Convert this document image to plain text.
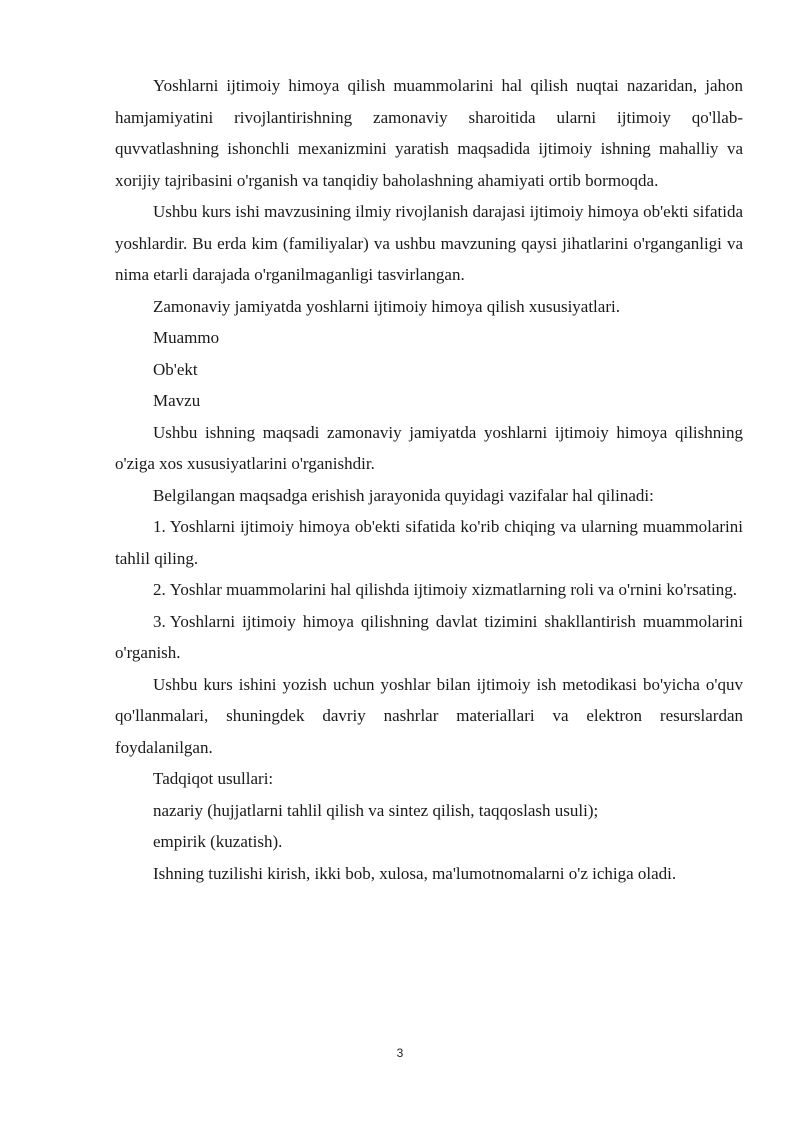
Yoshlarni ijtimoiy himoya qilish muammolarini hal qilish nuqtai nazaridan, jahon hamjamiyatini rivojlantirishning zamonaviy sharoitida ularni ijtimoiy qo'llab-quvvatlashning ishonchli mexanizmini yaratish maqsadida ijtimoiy ishning mahalliy va xorijiy tajribasini o'rganish va tanqidiy baholashning ahamiyati ortib bormoqda.

Ushbu kurs ishi mavzusining ilmiy rivojlanish darajasi ijtimoiy himoya ob'ekti sifatida yoshlardir. Bu erda kim (familiyalar) va ushbu mavzuning qaysi jihatlarini o'rganganligi va nima etarli darajada o'rganilmaganligi tasvirlangan.

Zamonaviy jamiyatda yoshlarni ijtimoiy himoya qilish xususiyatlari.

Muammo

Ob'ekt

Mavzu

Ushbu ishning maqsadi zamonaviy jamiyatda yoshlarni ijtimoiy himoya qilishning o'ziga xos xususiyatlarini o'rganishdir.

Belgilangan maqsadga erishish jarayonida quyidagi vazifalar hal qilinadi:

1. Yoshlarni ijtimoiy himoya ob'ekti sifatida ko'rib chiqing va ularning muammolarini tahlil qiling.

2. Yoshlar muammolarini hal qilishda ijtimoiy xizmatlarning roli va o'rnini ko'rsating.

3. Yoshlarni ijtimoiy himoya qilishning davlat tizimini shakllantirish muammolarini o'rganish.

Ushbu kurs ishini yozish uchun yoshlar bilan ijtimoiy ish metodikasi bo'yicha o'quv qo'llanmalari, shuningdek davriy nashrlar materiallari va elektron resurslardan foydalanilgan.

Tadqiqot usullari:

nazariy (hujjatlarni tahlil qilish va sintez qilish, taqqoslash usuli);

empirik (kuzatish).

Ishning tuzilishi kirish, ikki bob, xulosa, ma'lumotnomalarni o'z ichiga oladi.

3
